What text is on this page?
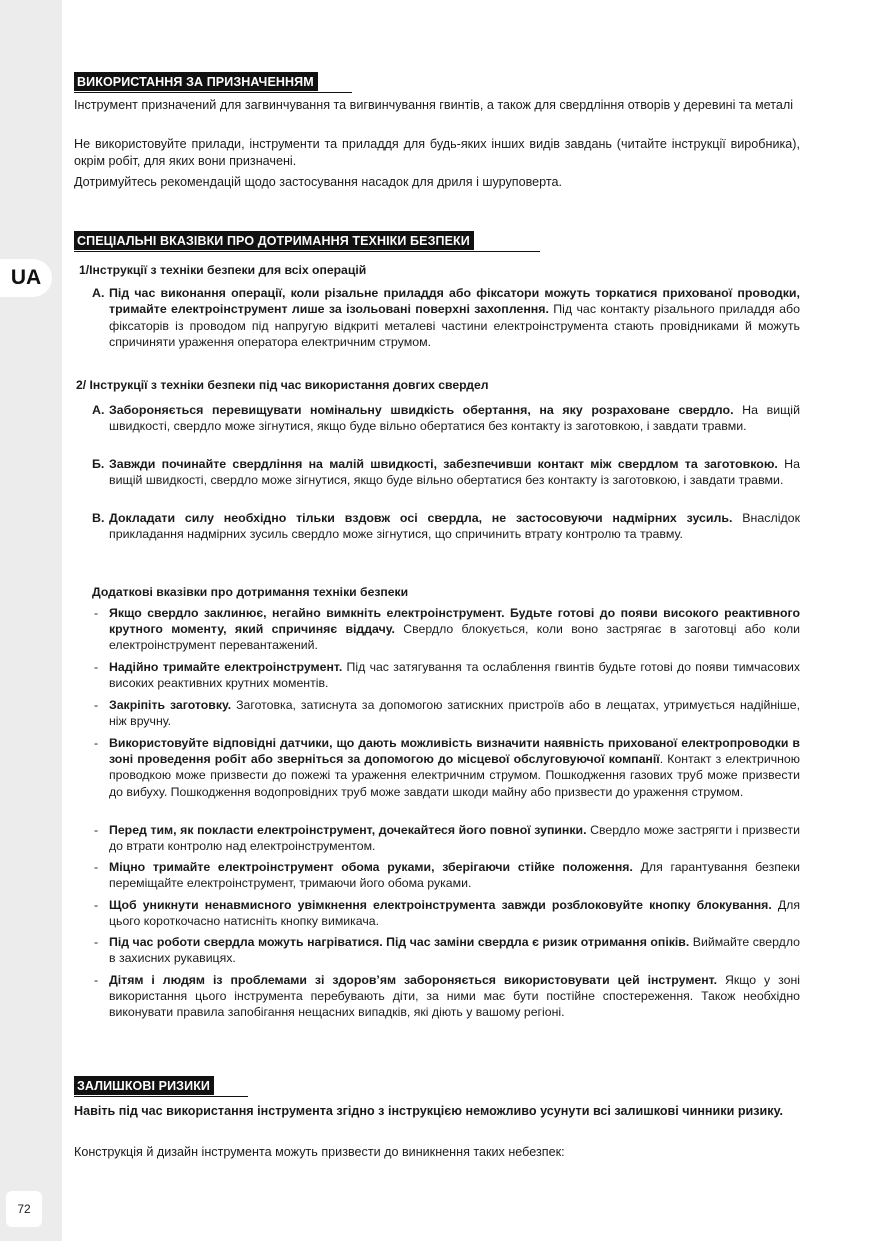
UA
72
ВИКОРИСТАННЯ ЗА ПРИЗНАЧЕННЯМ

Інструмент призначений для загвинчування та вигвинчування гвинтів, а також для свердління отворів у деревині та металі

Не використовуйте прилади, інструменти та приладдя для будь-яких інших видів завдань (читайте інструкції виробника), окрім робіт, для яких вони призначені.

Дотримуйтесь рекомендацій щодо застосування насадок для дриля і шуруповерта.

СПЕЦІАЛЬНІ ВКАЗІВКИ ПРО ДОТРИМАННЯ ТЕХНІКИ БЕЗПЕКИ
1/Інструкції з техніки безпеки для всіх операцій
A. Під час виконання операції, коли різальне приладдя або фіксатори можуть торкатися прихованої проводки, тримайте електроінструмент лише за ізольовані поверхні захоплення. Під час контакту різального приладдя або фіксаторів із проводом під напругую відкриті металеві частини електроінструмента стають провідниками й можуть спричиняти ураження оператора електричним струмом.
2/ Інструкції з техніки безпеки під час використання довгих свердел
A. Забороняється перевищувати номінальну швидкість обертання, на яку розраховане свердло. На вищій швидкості, свердло може зігнутися, якщо буде вільно обертатися без контакту із заготовкою, і завдати травми.
Б. Завжди починайте свердління на малій швидкості, забезпечивши контакт між свердлом та заготовкою. На вищій швидкості, свердло може зігнутися, якщо буде вільно обертатися без контакту із заготовкою, і завдати травми.
B. Докладати силу необхідно тільки вздовж осі свердла, не застосовуючи надмірних зусиль. Внаслідок прикладання надмірних зусиль свердло може зігнутися, що спричинить втрату контролю та травму.
Додаткові вказівки про дотримання техніки безпеки
- Якщо свердло заклинює, негайно вимкніть електроінструмент. Будьте готові до появи високого реактивного крутного моменту, який спричиняє віддачу. Свердло блокується, коли воно застрягає в заготовці або коли електроінструмент перевантажений.
- Надійно тримайте електроінструмент. Під час затягування та ослаблення гвинтів будьте готові до появи тимчасових високих реактивних крутних моментів.
- Закріпіть заготовку. Заготовка, затиснута за допомогою затискних пристроїв або в лещатах, утримується надійніше, ніж вручну.
- Використовуйте відповідні датчики, що дають можливість визначити наявність прихованої електропроводки в зоні проведення робіт або зверніться за допомогою до місцевої обслуговуючої компанії. Контакт з електричною проводкою може призвести до пожежі та ураження електричним струмом. Пошкодження газових труб може призвести до вибуху. Пошкодження водопровідних труб може завдати шкоди майну або призвести до ураження струмом.
- Перед тим, як покласти електроінструмент, дочекайтеся його повної зупинки. Свердло може застрягти і призвести до втрати контролю над електроінструментом.
- Міцно тримайте електроінструмент обома руками, зберігаючи стійке положення. Для гарантування безпеки переміщайте електроінструмент, тримаючи його обома руками.
- Щоб уникнути ненавмисного увімкнення електроінструмента завжди розблоковуйте кнопку блокування. Для цього короткочасно натисніть кнопку вимикача.
- Під час роботи свердла можуть нагріватися. Під час заміни свердла є ризик отримання опіків. Виймайте свердло в захисних рукавицях.
- Дітям і людям із проблемами зі здоров’ям забороняється використовувати цей інструмент. Якщо у зоні використання цього інструмента перебувають діти, за ними має бути постійне спостереження. Також необхідно виконувати правила запобігання нещасних випадків, які діють у вашому регіоні.
ЗАЛИШКОВІ РИЗИКИ

Навіть під час використання інструмента згідно з інструкцією неможливо усунути всі залишкові чинники ризику.

Конструкція й дизайн інструмента можуть призвести до виникнення таких небезпек:
